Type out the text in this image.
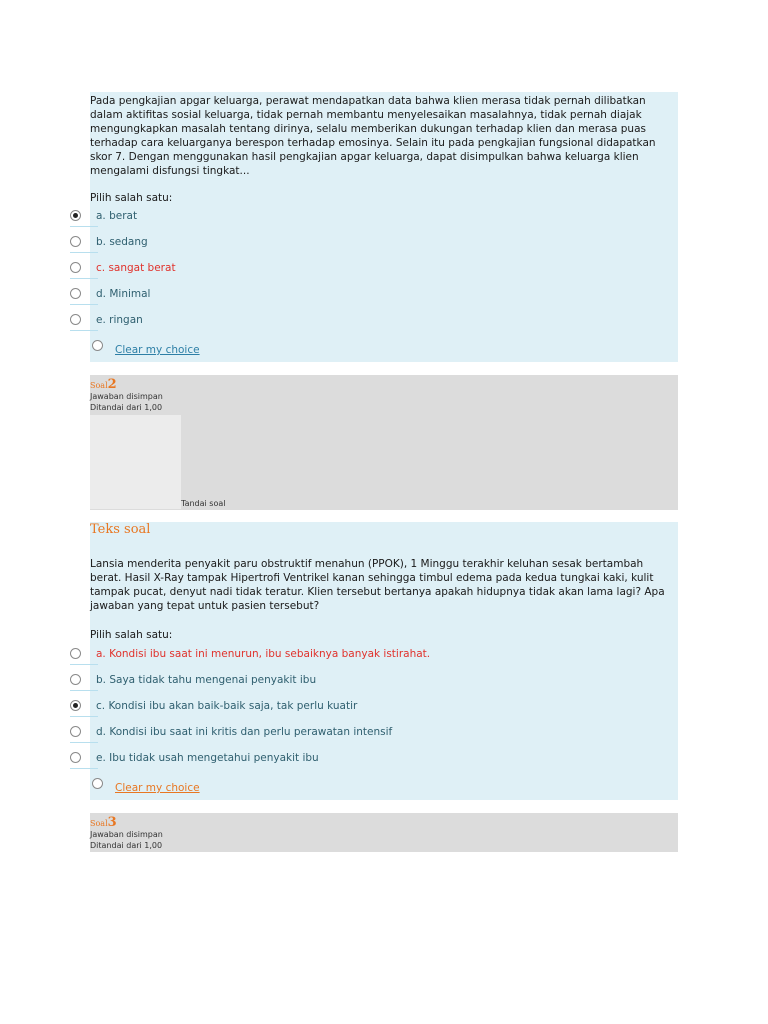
Pada pengkajian apgar keluarga, perawat mendapatkan data bahwa klien merasa tidak pernah dilibatkan
dalam aktifitas sosial keluarga, tidak pernah membantu menyelesaikan masalahnya, tidak pernah diajak
mengungkapkan masalah tentang dirinya, selalu memberikan dukungan terhadap klien dan merasa puas
terhadap cara keluarganya berespon terhadap emosinya. Selain itu pada pengkajian fungsional didapatkan
skor 7. Dengan menggunakan hasil pengkajian apgar keluarga, dapat disimpulkan bahwa keluarga klien
mengalami disfungsi tingkat...
Pilih salah satu:
a. berat
b. sedang
c. sangat berat
d. Minimal
e. ringan
Clear my choice
Soal2
Jawaban disimpan
Ditandai dari 1,00
Tandai soal
Teks soal
Lansia menderita penyakit paru obstruktif menahun (PPOK), 1 Minggu terakhir keluhan sesak bertambah
berat. Hasil X-Ray tampak Hipertrofi Ventrikel kanan sehingga timbul edema pada kedua tungkai kaki, kulit
tampak pucat, denyut nadi tidak teratur. Klien tersebut bertanya apakah hidupnya tidak akan lama lagi? Apa
jawaban yang tepat untuk pasien tersebut?
Pilih salah satu:
a. Kondisi ibu saat ini menurun, ibu sebaiknya banyak istirahat.
b. Saya tidak tahu mengenai penyakit ibu
c. Kondisi ibu akan baik-baik saja, tak perlu kuatir
d. Kondisi ibu saat ini kritis dan perlu perawatan intensif
e. Ibu tidak usah mengetahui penyakit ibu
Clear my choice
Soal3
Jawaban disimpan
Ditandai dari 1,00
